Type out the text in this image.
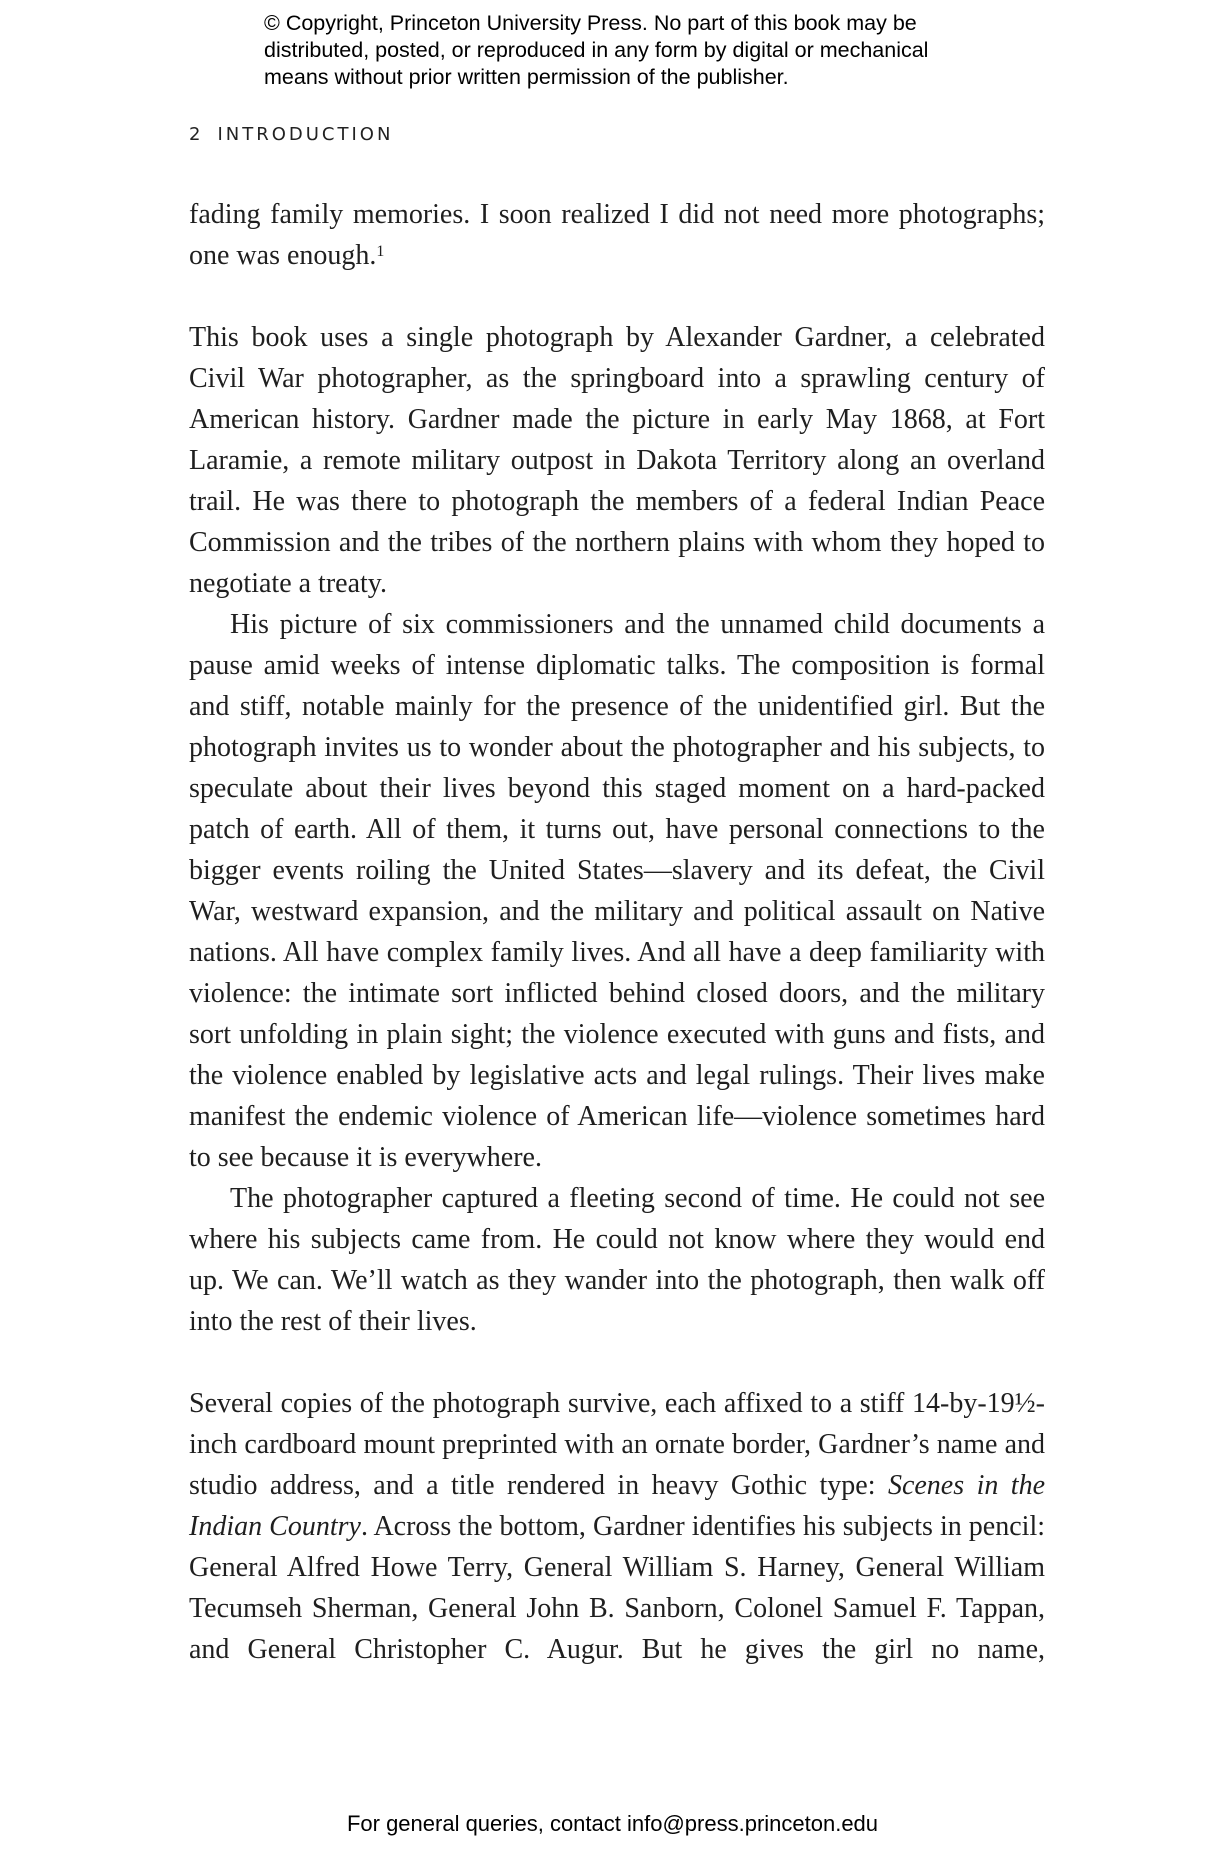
© Copyright, Princeton University Press. No part of this book may be
distributed, posted, or reproduced in any form by digital or mechanical
means without prior written permission of the publisher.
2 INTRODUCTION

fading family memories. I soon realized I did not need more photographs; one was enough.$^1$

This book uses a single photograph by Alexander Gardner, a celebrated Civil War photographer, as the springboard into a sprawling century of American history. Gardner made the picture in early May 1868, at Fort Laramie, a remote military outpost in Dakota Territory along an overland trail. He was there to photograph the members of a federal Indian Peace Commission and the tribes of the northern plains with whom they hoped to negotiate a treaty.

His picture of six commissioners and the unnamed child documents a pause amid weeks of intense diplomatic talks. The composition is formal and stiff, notable mainly for the presence of the unidentified girl. But the photograph invites us to wonder about the photographer and his subjects, to speculate about their lives beyond this staged moment on a hard-packed patch of earth. All of them, it turns out, have personal connections to the bigger events roiling the United States—slavery and its defeat, the Civil War, westward expansion, and the military and political assault on Native nations. All have complex family lives. And all have a deep familiarity with violence: the intimate sort inflicted behind closed doors, and the military sort unfolding in plain sight; the violence executed with guns and fists, and the violence enabled by legislative acts and legal rulings. Their lives make manifest the endemic violence of American life—violence sometimes hard to see because it is everywhere.

The photographer captured a fleeting second of time. He could not see where his subjects came from. He could not know where they would end up. We can. We’ll watch as they wander into the photograph, then walk off into the rest of their lives.

Several copies of the photograph survive, each affixed to a stiff 14-by-19½-inch cardboard mount preprinted with an ornate border, Gardner’s name and studio address, and a title rendered in heavy Gothic type: Scenes in the Indian Country. Across the bottom, Gardner identifies his subjects in pencil: General Alfred Howe Terry, General William S. Harney, General William Tecumseh Sherman, General John B. Sanborn, Colonel Samuel F. Tappan, and General Christopher C. Augur. But he gives the girl no name,

For general queries, contact info@press.princeton.edu
